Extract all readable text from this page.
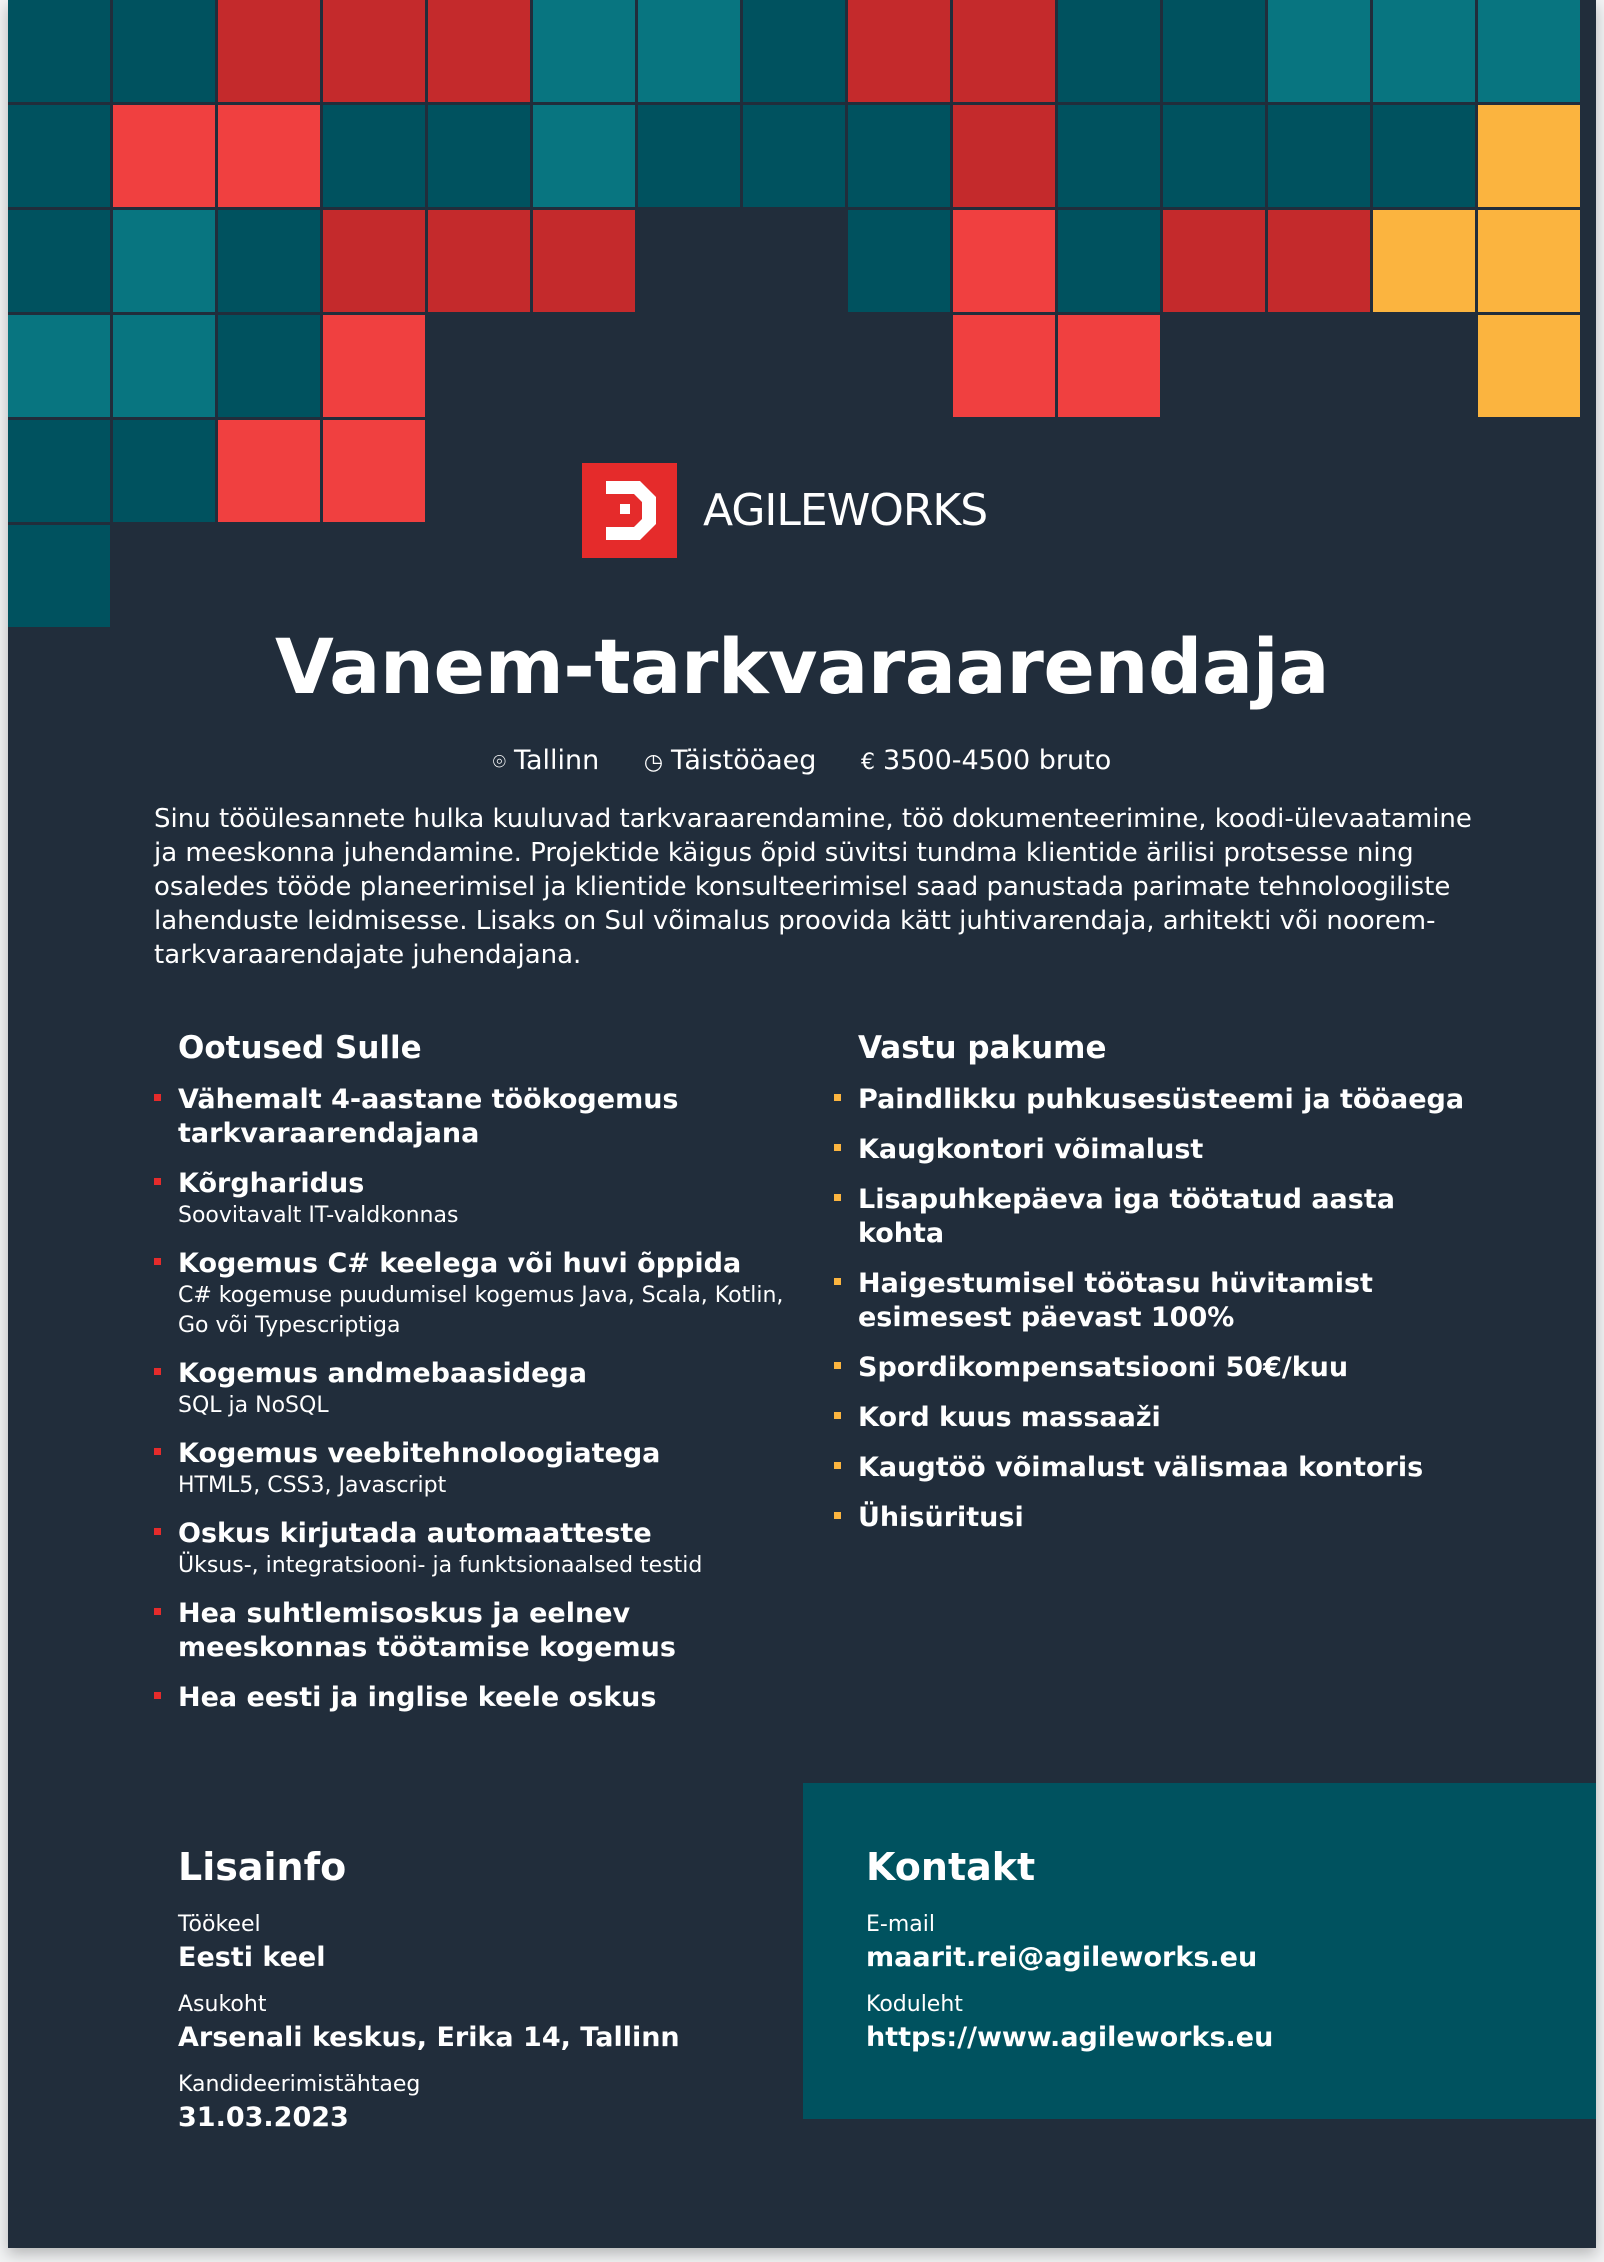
AGILEWORKS
Vanem-tarkvaraarendaja
⌾ Tallinn ◷ Täistööaeg € 3500-4500 bruto
Sinu tööülesannete hulka kuuluvad tarkvaraarendamine, töö dokumenteerimine, koodi-ülevaatamine ja meeskonna juhendamine. Projektide käigus õpid süvitsi tundma klientide ärilisi protsesse ning osaledes tööde planeerimisel ja klientide konsulteerimisel saad panustada parimate tehnoloogiliste lahenduste leidmisesse. Lisaks on Sul võimalus proovida kätt juhtivarendaja, arhitekti või noorem-tarkvaraarendajate juhendajana.
Ootused Sulle
Vähemalt 4-aastane töökogemus tarkvaraarendajana
Kõrgharidus
Soovitavalt IT-valdkonnas
Kogemus C# keelega või huvi õppida
C# kogemuse puudumisel kogemus Java, Scala, Kotlin, Go või Typescriptiga
Kogemus andmebaasidega
SQL ja NoSQL
Kogemus veebitehnoloogiatega
HTML5, CSS3, Javascript
Oskus kirjutada automaatteste
Üksus-, integratsiooni- ja funktsionaalsed testid
Hea suhtlemisoskus ja eelnev meeskonnas töötamise kogemus
Hea eesti ja inglise keele oskus
Vastu pakume
Paindlikku puhkusesüsteemi ja tööaega
Kaugkontori võimalust
Lisapuhkepäeva iga töötatud aasta kohta
Haigestumisel töötasu hüvitamist esimesest päevast 100%
Spordikompensatsiooni 50€/kuu
Kord kuus massaaži
Kaugtöö võimalust välismaa kontoris
Ühisüritusi
Lisainfo
Töökeel
Eesti keel
Asukoht
Arsenali keskus, Erika 14, Tallinn
Kandideerimistähtaeg
31.03.2023
Kontakt
E-mail
maarit.rei@agileworks.eu
Koduleht
https://www.agileworks.eu
